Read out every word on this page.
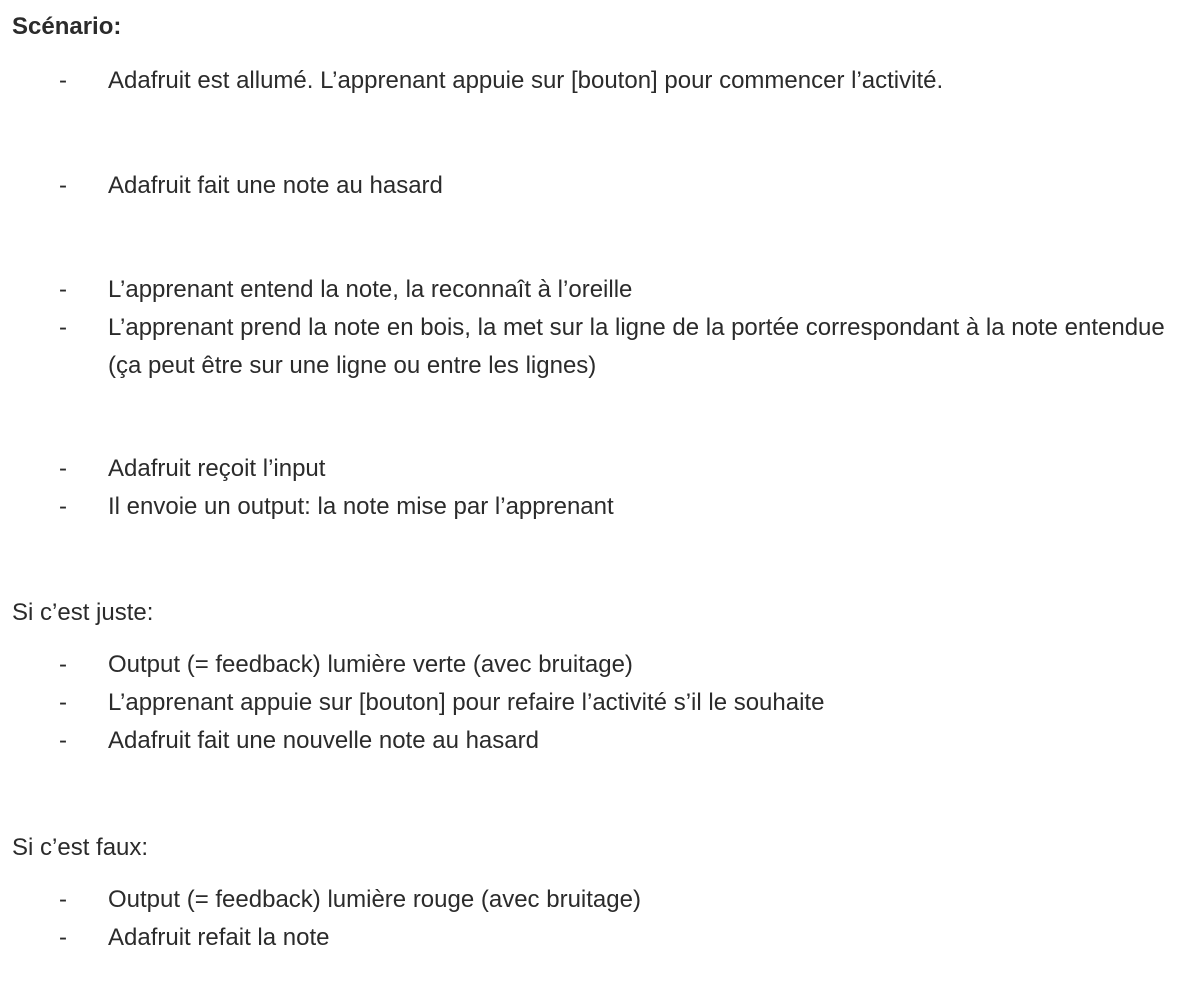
Scénario:
- Adafruit est allumé. L’apprenant appuie sur [bouton] pour commencer l’activité.
- Adafruit fait une note au hasard
- L’apprenant entend la note, la reconnaît à l’oreille
- L’apprenant prend la note en bois, la met sur la ligne de la portée correspondant à la note entendue (ça peut être sur une ligne ou entre les lignes)
- Adafruit reçoit l’input
- Il envoie un output: la note mise par l’apprenant
Si c’est juste:
- Output (= feedback) lumière verte (avec bruitage)
- L’apprenant appuie sur [bouton] pour refaire l’activité s’il le souhaite
- Adafruit fait une nouvelle note au hasard
Si c’est faux:
- Output (= feedback) lumière rouge (avec bruitage)
- Adafruit refait la note
